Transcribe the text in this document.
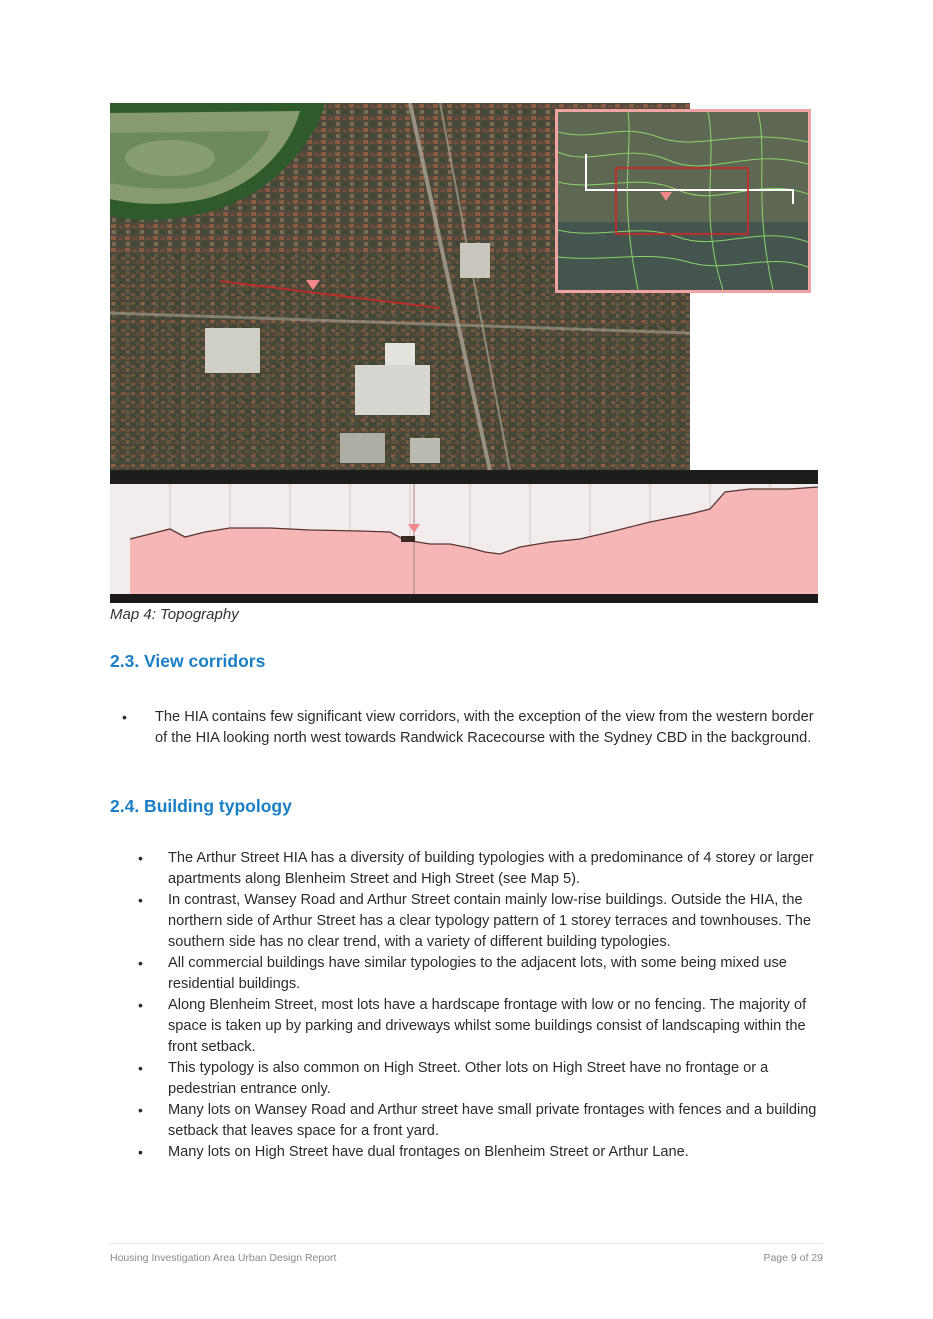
Map 4: Topography
2.3. View corridors
• The HIA contains few significant view corridors, with the exception of the view from the western border of the HIA looking north west towards Randwick Racecourse with the Sydney CBD in the background.
2.4. Building typology
• The Arthur Street HIA has a diversity of building typologies with a predominance of 4 storey or larger apartments along Blenheim Street and High Street (see Map 5).
• In contrast, Wansey Road and Arthur Street contain mainly low-rise buildings. Outside the HIA, the northern side of Arthur Street has a clear typology pattern of 1 storey terraces and townhouses. The southern side has no clear trend, with a variety of different building typologies.
• All commercial buildings have similar typologies to the adjacent lots, with some being mixed use residential buildings.
• Along Blenheim Street, most lots have a hardscape frontage with low or no fencing. The majority of space is taken up by parking and driveways whilst some buildings consist of landscaping within the front setback.
• This typology is also common on High Street. Other lots on High Street have no frontage or a pedestrian entrance only.
• Many lots on Wansey Road and Arthur street have small private frontages with fences and a building setback that leaves space for a front yard.
• Many lots on High Street have dual frontages on Blenheim Street or Arthur Lane.
Housing Investigation Area Urban Design Report	Page 9 of 29
